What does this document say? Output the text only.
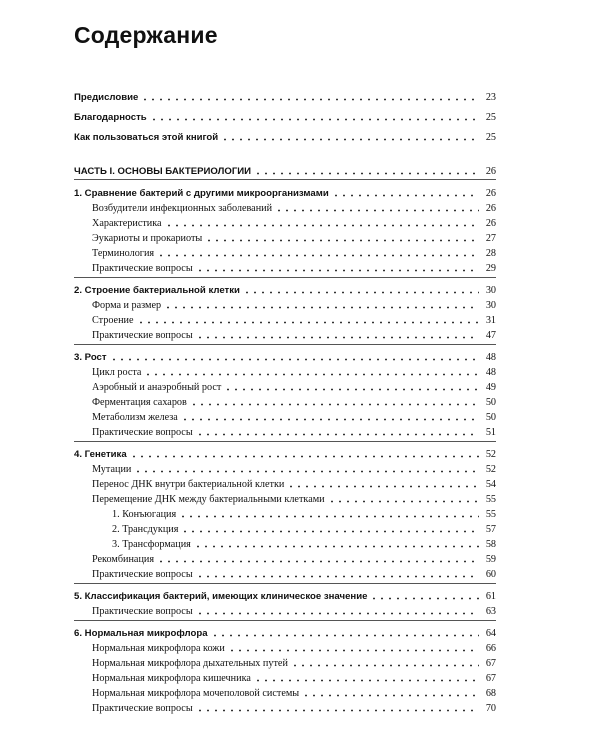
Содержание
Предисловие	23
Благодарность	25
Как пользоваться этой книгой	25
ЧАСТЬ I. ОСНОВЫ БАКТЕРИОЛОГИИ	26
1. Сравнение бактерий с другими микроорганизмами	26
Возбудители инфекционных заболеваний	26
Характеристика	26
Эукариоты и прокариоты	27
Терминология	28
Практические вопросы	29
2. Строение бактериальной клетки	30
Форма и размер	30
Строение	31
Практические вопросы	47
3. Рост	48
Цикл роста	48
Аэробный и анаэробный рост	49
Ферментация сахаров	50
Метаболизм железа	50
Практические вопросы	51
4. Генетика	52
Мутации	52
Перенос ДНК внутри бактериальной клетки	54
Перемещение ДНК между бактериальными клетками	55
1. Конъюгация	55
2. Трансдукция	57
3. Трансформация	58
Рекомбинация	59
Практические вопросы	60
5. Классификация бактерий, имеющих клиническое значение	61
Практические вопросы	63
6. Нормальная микрофлора	64
Нормальная микрофлора кожи	66
Нормальная микрофлора дыхательных путей	67
Нормальная микрофлора кишечника	67
Нормальная микрофлора мочеполовой системы	68
Практические вопросы	70
